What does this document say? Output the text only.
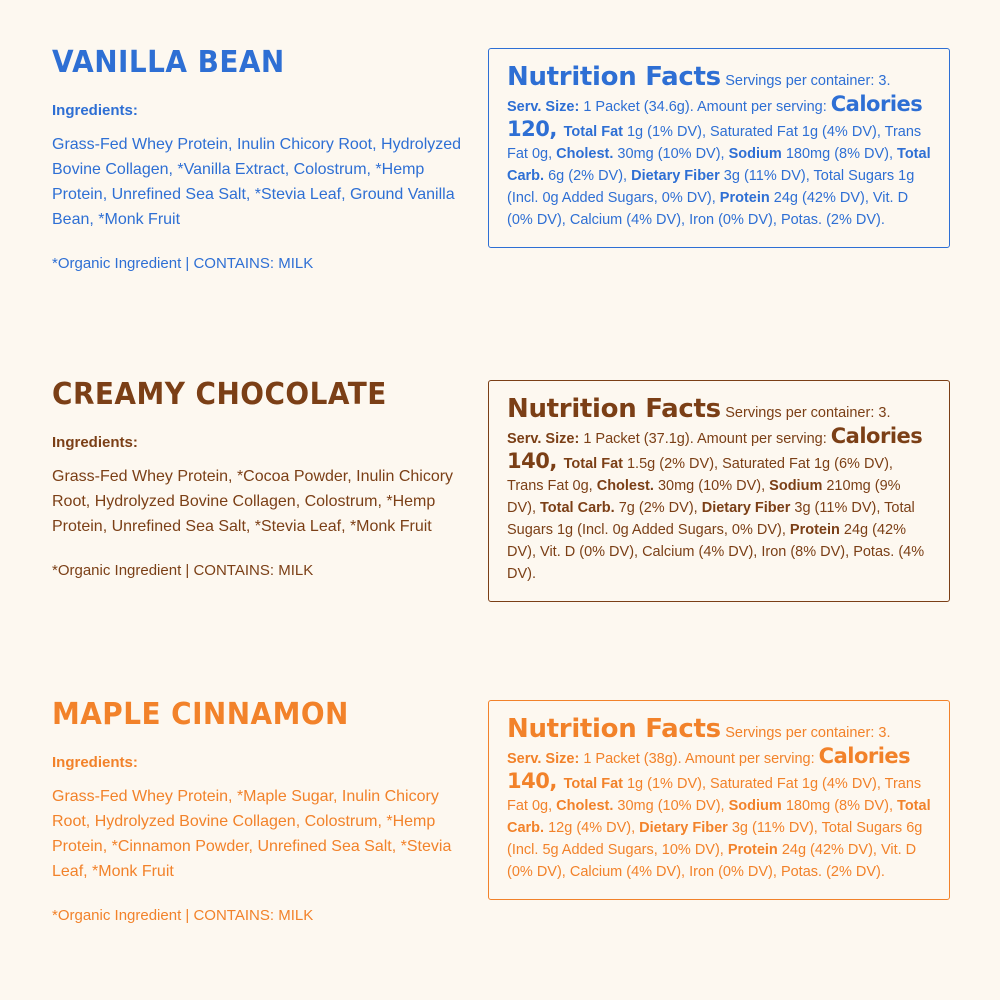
VANILLA BEAN
Ingredients:
Grass-Fed Whey Protein, Inulin Chicory Root, Hydrolyzed Bovine Collagen, *Vanilla Extract, Colostrum, *Hemp Protein, Unrefined Sea Salt, *Stevia Leaf, Ground Vanilla Bean, *Monk Fruit
*Organic Ingredient | CONTAINS: MILK
Nutrition Facts Servings per container: 3.
Serv. Size: 1 Packet (34.6g). Amount per serving: Calories 120, Total Fat 1g (1% DV), Saturated Fat 1g (4% DV), Trans Fat 0g, Cholest. 30mg (10% DV), Sodium 180mg (8% DV), Total Carb. 6g (2% DV), Dietary Fiber 3g (11% DV), Total Sugars 1g (Incl. 0g Added Sugars, 0% DV), Protein 24g (42% DV), Vit. D (0% DV), Calcium (4% DV), Iron (0% DV), Potas. (2% DV).
CREAMY CHOCOLATE
Ingredients:
Grass-Fed Whey Protein, *Cocoa Powder, Inulin Chicory Root, Hydrolyzed Bovine Collagen, Colostrum, *Hemp Protein, Unrefined Sea Salt, *Stevia Leaf, *Monk Fruit
*Organic Ingredient | CONTAINS: MILK
Nutrition Facts Servings per container: 3.
Serv. Size: 1 Packet (37.1g). Amount per serving: Calories 140, Total Fat 1.5g (2% DV), Saturated Fat 1g (6% DV), Trans Fat 0g, Cholest. 30mg (10% DV), Sodium 210mg (9% DV), Total Carb. 7g (2% DV), Dietary Fiber 3g (11% DV), Total Sugars 1g (Incl. 0g Added Sugars, 0% DV), Protein 24g (42% DV), Vit. D (0% DV), Calcium (4% DV), Iron (8% DV), Potas. (4% DV).
MAPLE CINNAMON
Ingredients:
Grass-Fed Whey Protein, *Maple Sugar, Inulin Chicory Root, Hydrolyzed Bovine Collagen, Colostrum, *Hemp Protein, *Cinnamon Powder, Unrefined Sea Salt, *Stevia Leaf, *Monk Fruit
*Organic Ingredient | CONTAINS: MILK
Nutrition Facts Servings per container: 3.
Serv. Size: 1 Packet (38g). Amount per serving: Calories 140, Total Fat 1g (1% DV), Saturated Fat 1g (4% DV), Trans Fat 0g, Cholest. 30mg (10% DV), Sodium 180mg (8% DV), Total Carb. 12g (4% DV), Dietary Fiber 3g (11% DV), Total Sugars 6g (Incl. 5g Added Sugars, 10% DV), Protein 24g (42% DV), Vit. D (0% DV), Calcium (4% DV), Iron (0% DV), Potas. (2% DV).
